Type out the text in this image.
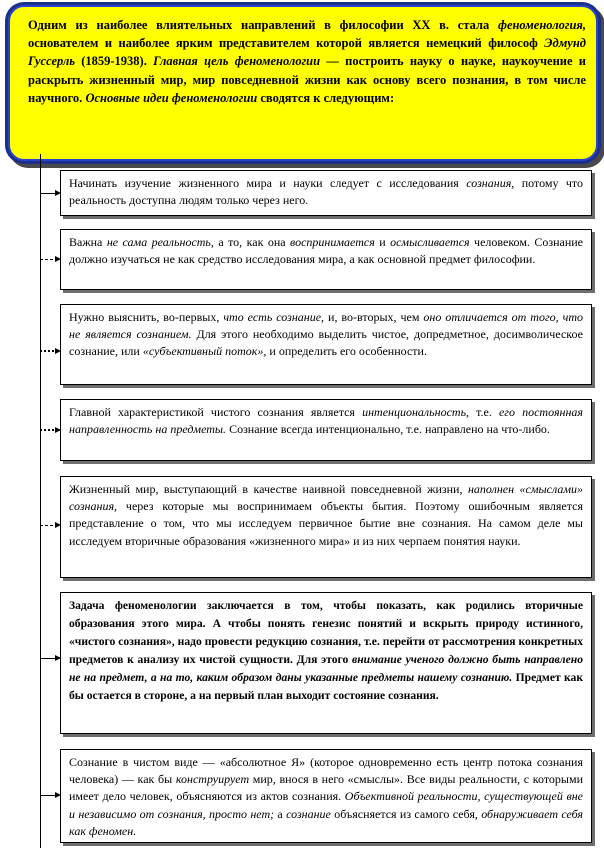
Одним из наиболее влиятельных направлений в философии XX в. стала феноменология, основателем и наиболее ярким представителем которой является немецкий философ Эдмунд Гуссерль (1859-1938). Главная цель феноменологии — построить науку о науке, наукоучение и раскрыть жизненный мир, мир повседневной жизни как основу всего познания, в том числе научного. Основные идеи феноменологии сводятся к следующим:
Начинать изучение жизненного мира и науки следует с исследования сознания, потому что реальность доступна людям только через него.
Важна не сама реальность, а то, как она воспринимается и осмысливается человеком. Сознание должно изучаться не как средство исследования мира, а как основной предмет философии.
Нужно выяснить, во-первых, что есть сознание, и, во-вторых, чем оно отличается от того, что не является сознанием. Для этого необходимо выделить чистое, допредметное, досимволическое сознание, или «субъективный поток», и определить его особенности.
Главной характеристикой чистого сознания является интенциональность, т.е. его постоянная направленность на предметы. Сознание всегда интенционально, т.е. направлено на что-либо.
Жизненный мир, выступающий в качестве наивной повседневной жизни, наполнен «смыслами» сознания, через которые мы воспринимаем объекты бытия. Поэтому ошибочным является представление о том, что мы исследуем первичное бытие вне сознания. На самом деле мы исследуем вторичные образования «жизненного мира» и из них черпаем понятия науки.
Задача феноменологии заключается в том, чтобы показать, как родились вторичные образования этого мира. А чтобы понять генезис понятий и вскрыть природу истинного, «чистого сознания», надо провести редукцию сознания, т.е. перейти от рассмотрения конкретных предметов к анализу их чистой сущности. Для этого внимание ученого должно быть направлено не на предмет, а на то, каким образом даны указанные предметы нашему сознанию. Предмет как бы остается в стороне, а на первый план выходит состояние сознания.
Сознание в чистом виде — «абсолютное Я» (которое одновременно есть центр потока сознания человека) — как бы конструирует мир, внося в него «смыслы». Все виды реальности, с которыми имеет дело человек, объясняются из актов сознания. Объективной реальности, существующей вне и независимо от сознания, просто нет; а сознание объясняется из самого себя, обнаруживает себя как феномен.
